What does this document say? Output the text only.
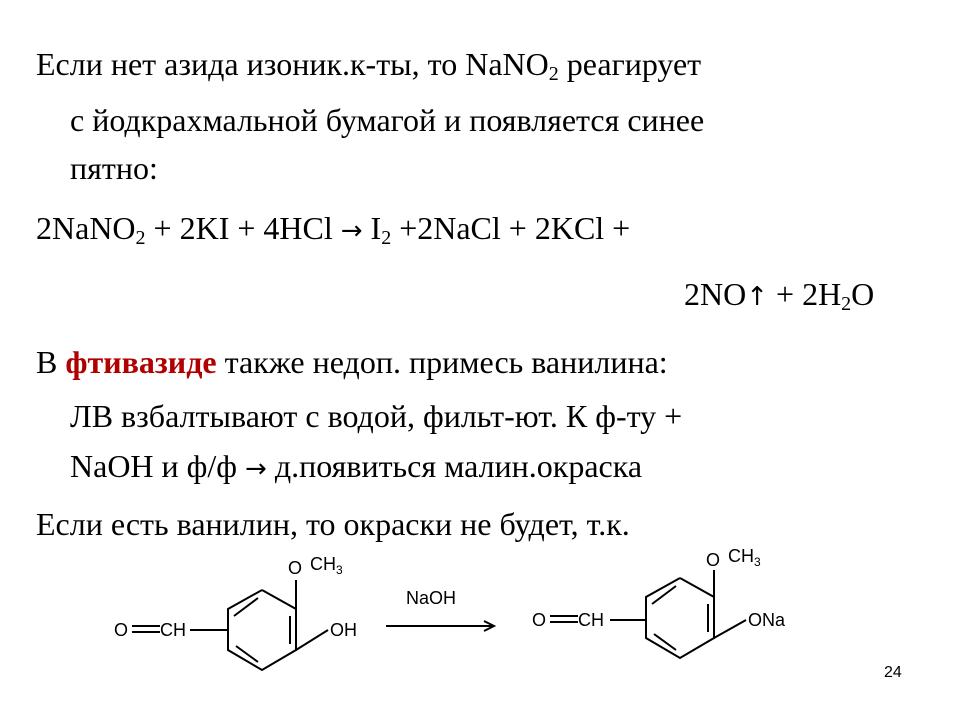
Если нет азида изоник.к-ты, то NaNO$_2$ реагирует
с йодкрахмальной бумагой и появляется синее
пятно:
2NaNO$_2$ + $2KI + 4HCl \to I_2$ +2NaCl + 2KCl +
2NO↑ + $2H_2O$
В фтивазиде также недоп. примесь ванилина:
ЛВ взбалтывают с водой, фильт-ют. К ф-ту +
NaOH и ф/ф → д.появиться малин.окраска
Если есть ванилин, то окраски не будет, т.к.
O $CH_3$
O CH	OH
NaOH
O $CH_3$
O CH	ONa
24
